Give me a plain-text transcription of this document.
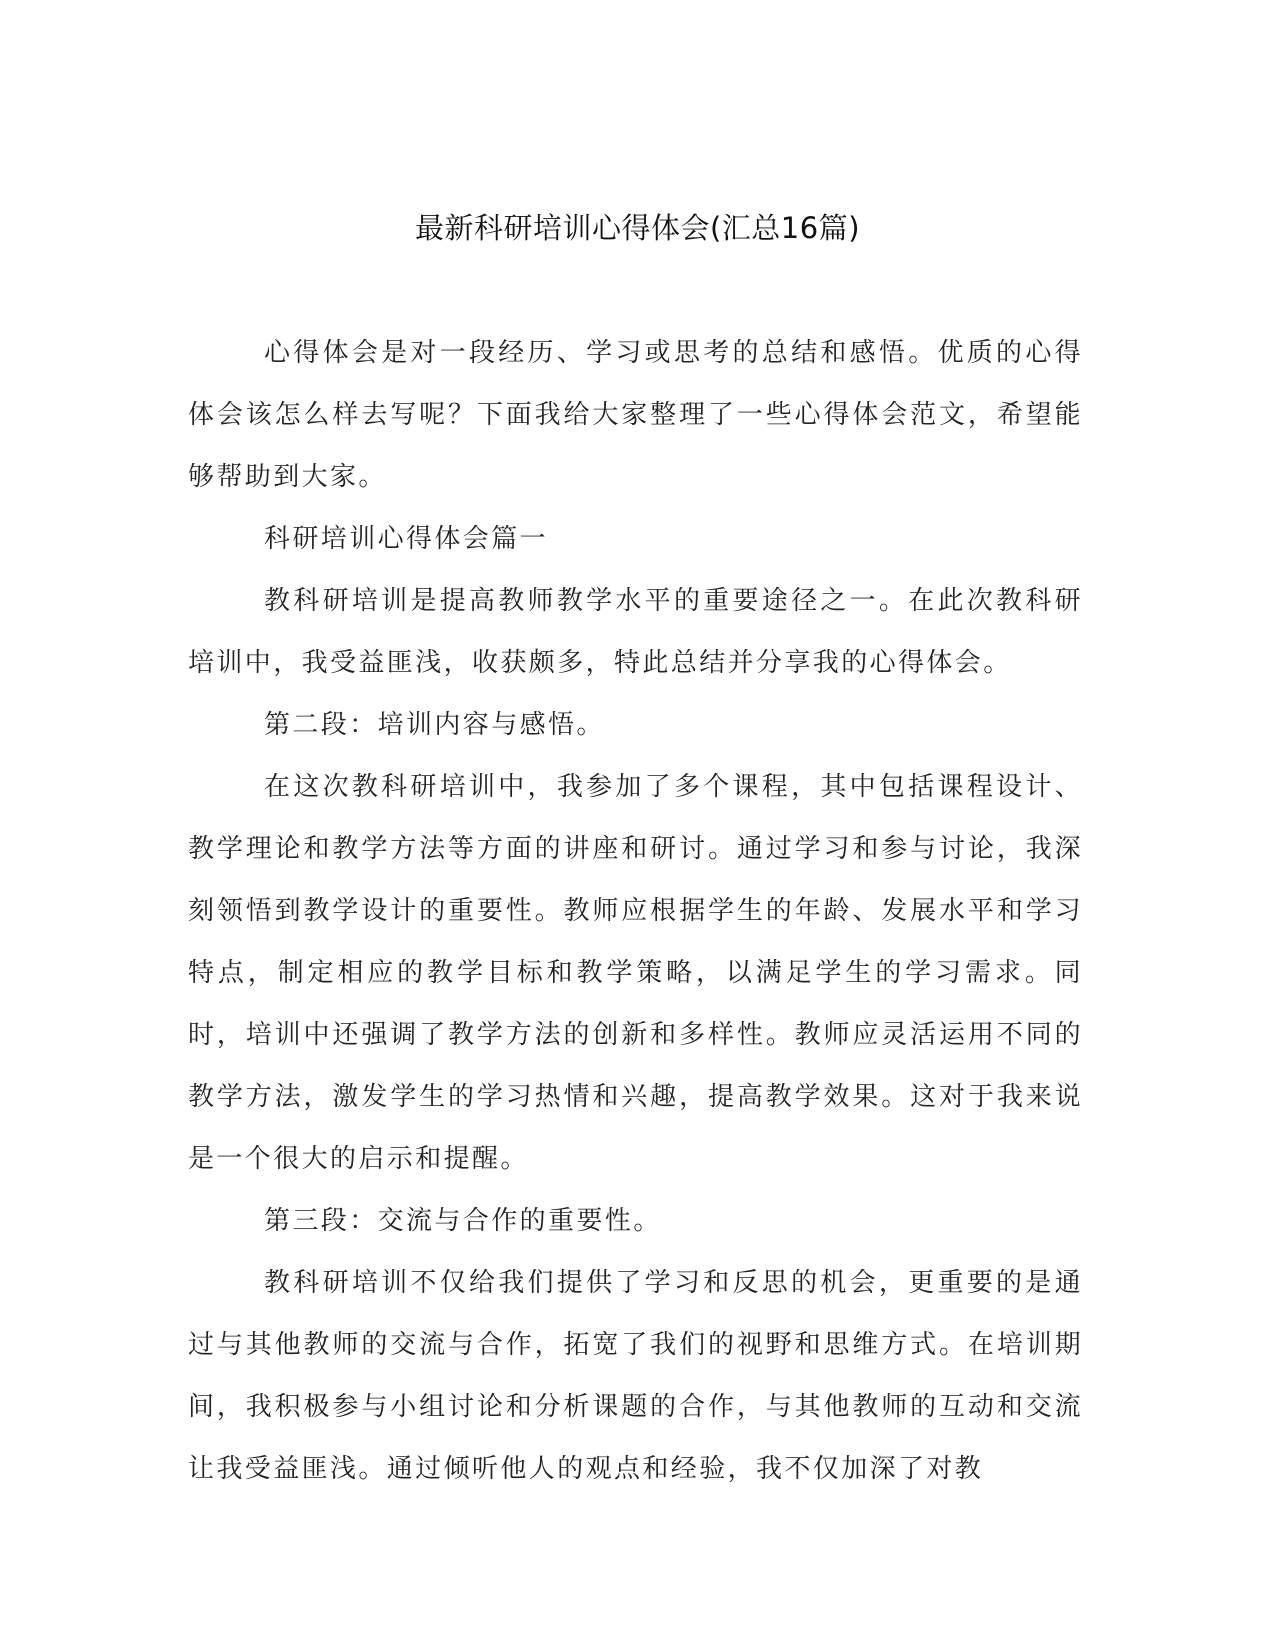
最新科研培训心得体会(汇总16篇)

心得体会是对一段经历、学习或思考的总结和感悟。优质的心得体会该怎么样去写呢？下面我给大家整理了一些心得体会范文，希望能够帮助到大家。

科研培训心得体会篇一

教科研培训是提高教师教学水平的重要途径之一。在此次教科研培训中，我受益匪浅，收获颇多，特此总结并分享我的心得体会。

第二段：培训内容与感悟。

在这次教科研培训中，我参加了多个课程，其中包括课程设计、教学理论和教学方法等方面的讲座和研讨。通过学习和参与讨论，我深刻领悟到教学设计的重要性。教师应根据学生的年龄、发展水平和学习特点，制定相应的教学目标和教学策略，以满足学生的学习需求。同时，培训中还强调了教学方法的创新和多样性。教师应灵活运用不同的教学方法，激发学生的学习热情和兴趣，提高教学效果。这对于我来说是一个很大的启示和提醒。

第三段：交流与合作的重要性。

教科研培训不仅给我们提供了学习和反思的机会，更重要的是通过与其他教师的交流与合作，拓宽了我们的视野和思维方式。在培训期间，我积极参与小组讨论和分析课题的合作，与其他教师的互动和交流让我受益匪浅。通过倾听他人的观点和经验，我不仅加深了对教
